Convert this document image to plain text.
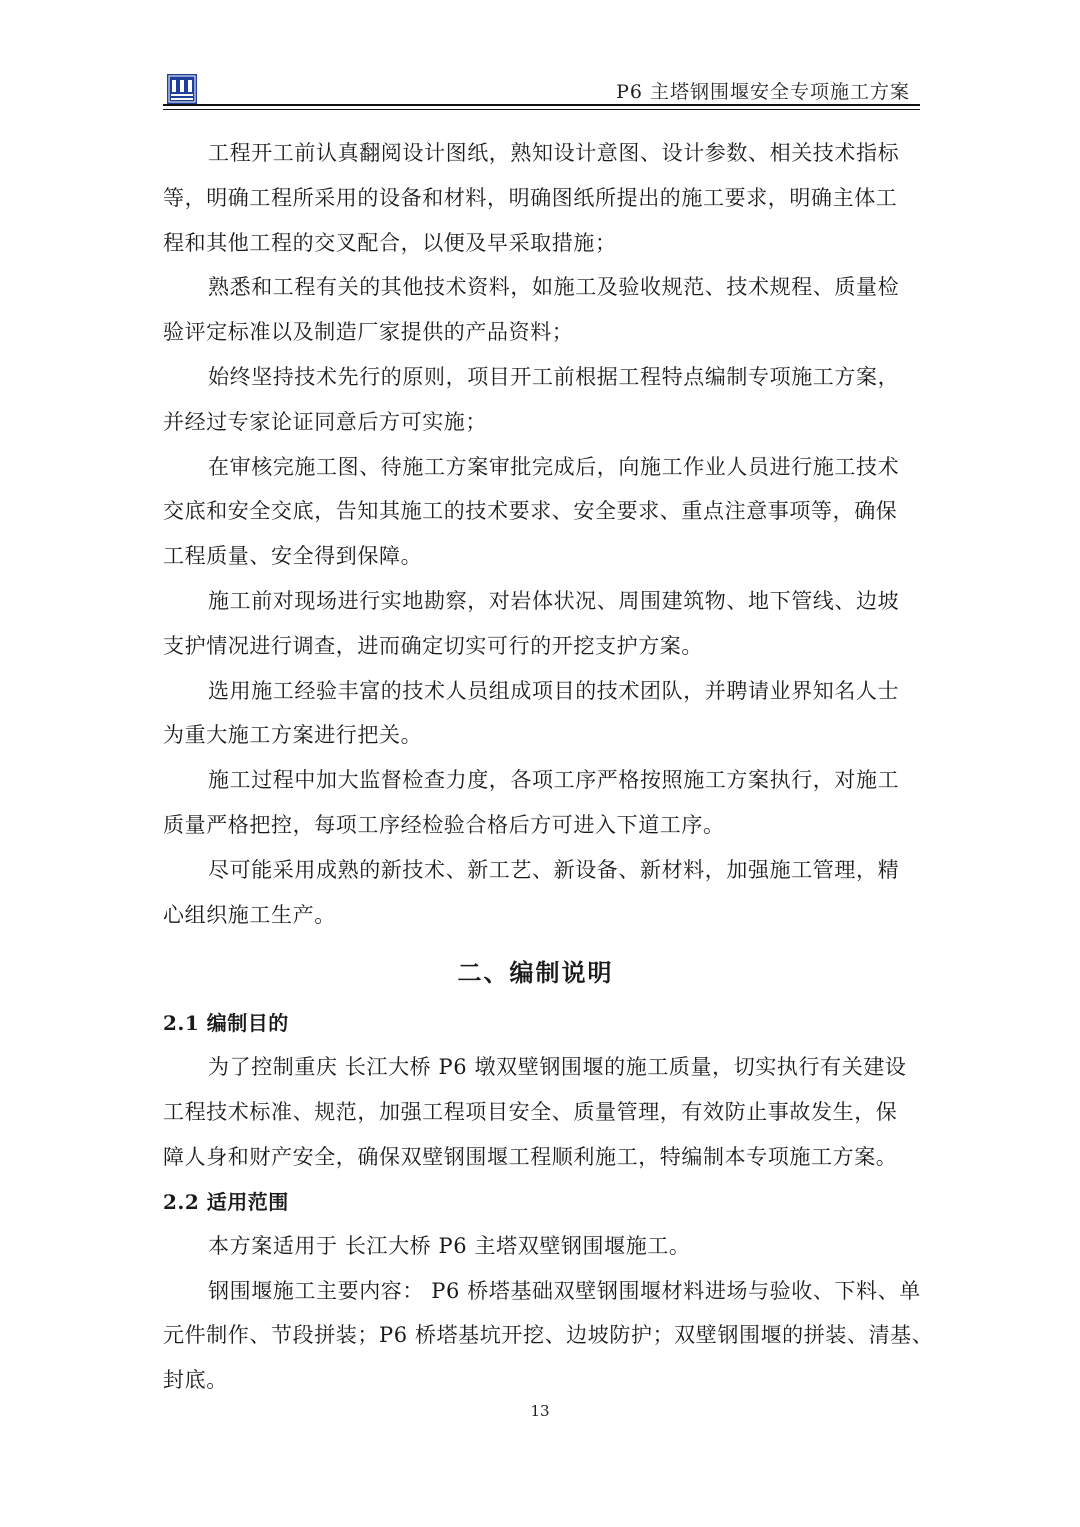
P6 主塔钢围堰安全专项施工方案

工程开工前认真翻阅设计图纸，熟知设计意图、设计参数、相关技术指标
等，明确工程所采用的设备和材料，明确图纸所提出的施工要求，明确主体工
程和其他工程的交叉配合，以便及早采取措施；

熟悉和工程有关的其他技术资料，如施工及验收规范、技术规程、质量检
验评定标准以及制造厂家提供的产品资料；

始终坚持技术先行的原则，项目开工前根据工程特点编制专项施工方案，
并经过专家论证同意后方可实施；

在审核完施工图、待施工方案审批完成后，向施工作业人员进行施工技术
交底和安全交底，告知其施工的技术要求、安全要求、重点注意事项等，确保
工程质量、安全得到保障。

施工前对现场进行实地勘察，对岩体状况、周围建筑物、地下管线、边坡
支护情况进行调查，进而确定切实可行的开挖支护方案。

选用施工经验丰富的技术人员组成项目的技术团队，并聘请业界知名人士
为重大施工方案进行把关。

施工过程中加大监督检查力度，各项工序严格按照施工方案执行，对施工
质量严格把控，每项工序经检验合格后方可进入下道工序。

尽可能采用成熟的新技术、新工艺、新设备、新材料，加强施工管理，精
心组织施工生产。

二、编制说明
2.1 编制目的

为了控制重庆 长江大桥 P6 墩双壁钢围堰的施工质量，切实执行有关建设
工程技术标准、规范，加强工程项目安全、质量管理，有效防止事故发生，保
障人身和财产安全，确保双壁钢围堰工程顺利施工，特编制本专项施工方案。

2.2 适用范围

本方案适用于 长江大桥 P6 主塔双壁钢围堰施工。

钢围堰施工主要内容： P6 桥塔基础双壁钢围堰材料进场与验收、下料、单
元件制作、节段拼装；P6 桥塔基坑开挖、边坡防护；双壁钢围堰的拼装、清基、
封底。

13
